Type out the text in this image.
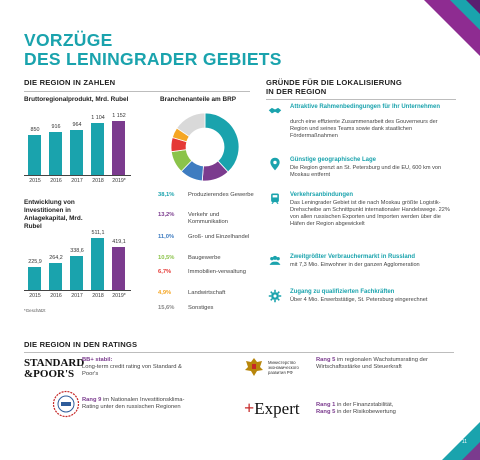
VORZÜGE
DES LENINGRADER GEBIETS
DIE REGION IN ZAHLEN	GRÜNDE FÜR DIE LOKALISIERUNG
IN DER REGION
Bruttoregionalprodukt, Mrd. Rubel
Entwicklung von Investitionen in Anlagekapital, Mrd. Rubel
*Geschätzt
Branchenanteile am BRP
DIE REGION IN DEN RATINGS
STANDARD
&POOR'S
BB+ stabil:
Long-term credit rating von Standard & Poor's
Министерство
экономического
развития РФ
Rang 5 im regionalen Wachstumsrating der Wirtschaftsstärke und Steuerkraft
Rang 9 im Nationalen Investitionsklima-Rating unter den russischen Regionen	+Expert	Rang 1 in der Finanzstabilität,
Rang 5 in der Risikobewertung
11
850
2015
916
2016
964
2017
1 104
2018
1 152
2019*
225,9
2015
264,2
2016
338,6
2017
511,1
2018
419,1
2019*
38,1% Produzierendes Gewerbe
13,2% Verkehr und Kommunikation
11,0% Groß- und Einzelhandel
10,5% Baugewerbe
6,7%	Immobilien-verwaltung
4,9%	Landwirtschaft
15,6% Sonstiges
Attraktive Rahmenbedingungen für Ihr Unternehmen
durch eine effiziente Zusammenarbeit des Gouverneurs der Region und seines Teams sowie dank staatlichen Fördermaßnahmen
Günstige geographische Lage
Die Region grenzt an St. Petersburg und die EU, 600 km von Moskau entfernt
Verkehrsanbindungen
Das Leningrader Gebiet ist die nach Moskau größte Logistik-Drehscheibe am Schnittpunkt internationaler Handelswege. 22% von allen russischen Exporten und Importen werden über die Häfen der Region abgewickelt
Zweitgrößter Verbrauchermarkt in Russland
mit 7,3 Mio. Einwohner in der ganzen Agglomeration
Zugang zu qualifizierten Fachkräften
Über 4 Mio. Erwerbstätige, St. Petersburg eingerechnet
